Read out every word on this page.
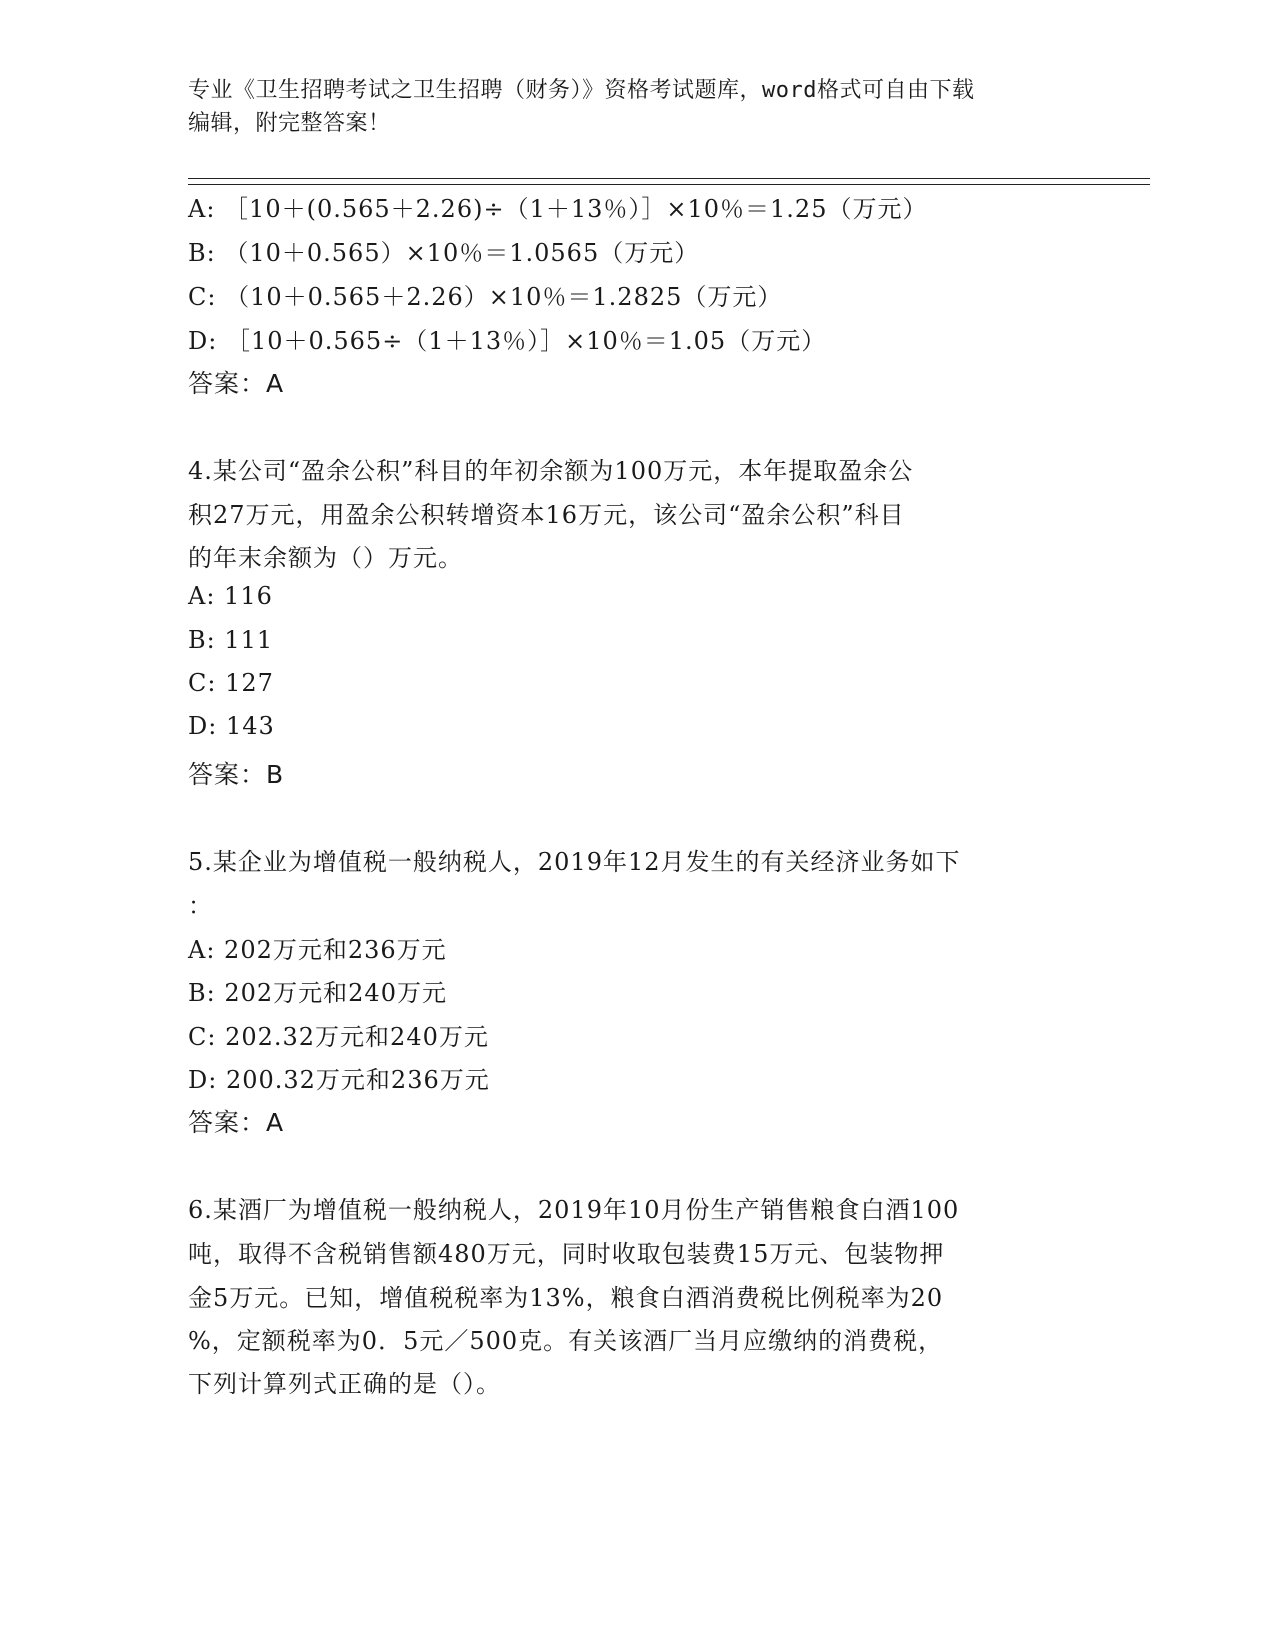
专业《卫生招聘考试之卫生招聘（财务）》资格考试题库，word格式可自由下载
编辑，附完整答案！
A: ［10＋(0.565＋2.26)÷（1＋13％）］×10％＝1.25（万元）
B: （10＋0.565）×10％＝1.0565（万元）
C: （10＋0.565＋2.26）×10％＝1.2825（万元）
D: ［10＋0.565÷（1＋13％）］×10％＝1.05（万元）
答案：A
4.某公司“盈余公积”科目的年初余额为100万元，本年提取盈余公
积27万元，用盈余公积转增资本16万元，该公司“盈余公积”科目
的年末余额为（）万元。
A: 116
B: 111
C: 127
D: 143
答案：B
5.某企业为增值税一般纳税人，2019年12月发生的有关经济业务如下
：
A: 202万元和236万元
B: 202万元和240万元
C: 202.32万元和240万元
D: 200.32万元和236万元
答案：A
6.某酒厂为增值税一般纳税人，2019年10月份生产销售粮食白酒100
吨，取得不含税销售额480万元，同时收取包装费15万元、包装物押
金5万元。已知，增值税税率为13%，粮食白酒消费税比例税率为20
%，定额税率为0．5元／500克。有关该酒厂当月应缴纳的消费税，
下列计算列式正确的是（）。
